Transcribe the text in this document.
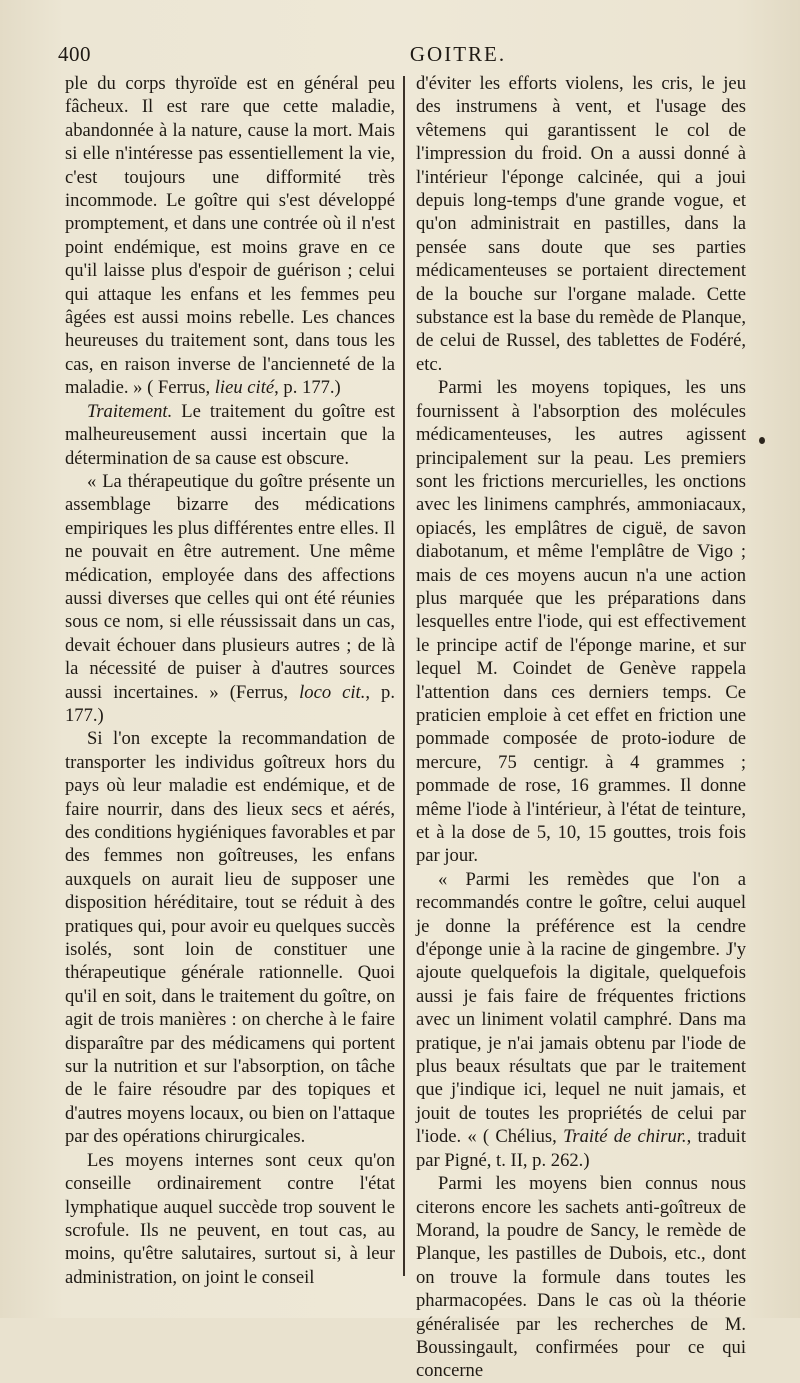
400	GOITRE.

ple du corps thyroïde est en général peu fâcheux. Il est rare que cette maladie, abandonnée à la nature, cause la mort. Mais si elle n'intéresse pas essentiellement la vie, c'est toujours une difformité très incommode. Le goître qui s'est développé promptement, et dans une contrée où il n'est point endémique, est moins grave en ce qu'il laisse plus d'espoir de guérison ; celui qui attaque les enfans et les femmes peu âgées est aussi moins rebelle. Les chances heureuses du traitement sont, dans tous les cas, en raison inverse de l'ancienneté de la maladie. » ( Ferrus, lieu cité, p. 177.)

Traitement. Le traitement du goître est malheureusement aussi incertain que la détermination de sa cause est obscure.

« La thérapeutique du goître présente un assemblage bizarre des médications empiriques les plus différentes entre elles. Il ne pouvait en être autrement. Une même médication, employée dans des affections aussi diverses que celles qui ont été réunies sous ce nom, si elle réussissait dans un cas, devait échouer dans plusieurs autres ; de là la nécessité de puiser à d'autres sources aussi incertaines. » (Ferrus, loco cit., p. 177.)

Si l'on excepte la recommandation de transporter les individus goîtreux hors du pays où leur maladie est endémique, et de faire nourrir, dans des lieux secs et aérés, des conditions hygiéniques favorables et par des femmes non goîtreuses, les enfans auxquels on aurait lieu de supposer une disposition héréditaire, tout se réduit à des pratiques qui, pour avoir eu quelques succès isolés, sont loin de constituer une thérapeutique générale rationnelle. Quoi qu'il en soit, dans le traitement du goître, on agit de trois manières : on cherche à le faire disparaître par des médicamens qui portent sur la nutrition et sur l'absorption, on tâche de le faire résoudre par des topiques et d'autres moyens locaux, ou bien on l'attaque par des opérations chirurgicales.

Les moyens internes sont ceux qu'on conseille ordinairement contre l'état lymphatique auquel succède trop souvent le scrofule. Ils ne peuvent, en tout cas, au moins, qu'être salutaires, surtout si, à leur administration, on joint le conseil

d'éviter les efforts violens, les cris, le jeu des instrumens à vent, et l'usage des vêtemens qui garantissent le col de l'impression du froid. On a aussi donné à l'intérieur l'éponge calcinée, qui a joui depuis long-temps d'une grande vogue, et qu'on administrait en pastilles, dans la pensée sans doute que ses parties médicamenteuses se portaient directement de la bouche sur l'organe malade. Cette substance est la base du remède de Planque, de celui de Russel, des tablettes de Fodéré, etc.

Parmi les moyens topiques, les uns fournissent à l'absorption des molécules médicamenteuses, les autres agissent principalement sur la peau. Les premiers sont les frictions mercurielles, les onctions avec les linimens camphrés, ammoniacaux, opiacés, les emplâtres de ciguë, de savon diabotanum, et même l'emplâtre de Vigo ; mais de ces moyens aucun n'a une action plus marquée que les préparations dans lesquelles entre l'iode, qui est effectivement le principe actif de l'éponge marine, et sur lequel M. Coindet de Genève rappela l'attention dans ces derniers temps. Ce praticien emploie à cet effet en friction une pommade composée de proto-iodure de mercure, 75 centigr. à 4 grammes ; pommade de rose, 16 grammes. Il donne même l'iode à l'intérieur, à l'état de teinture, et à la dose de 5, 10, 15 gouttes, trois fois par jour.

« Parmi les remèdes que l'on a recommandés contre le goître, celui auquel je donne la préférence est la cendre d'éponge unie à la racine de gingembre. J'y ajoute quelquefois la digitale, quelquefois aussi je fais faire de fréquentes frictions avec un liniment volatil camphré. Dans ma pratique, je n'ai jamais obtenu par l'iode de plus beaux résultats que par le traitement que j'indique ici, lequel ne nuit jamais, et jouit de toutes les propriétés de celui par l'iode. « ( Chélius, Traité de chirur., traduit par Pigné, t. II, p. 262.)

Parmi les moyens bien connus nous citerons encore les sachets anti-goîtreux de Morand, la poudre de Sancy, le remède de Planque, les pastilles de Dubois, etc., dont on trouve la formule dans toutes les pharmacopées. Dans le cas où la théorie généralisée par les recherches de M. Boussingault, confirmées pour ce qui concerne
